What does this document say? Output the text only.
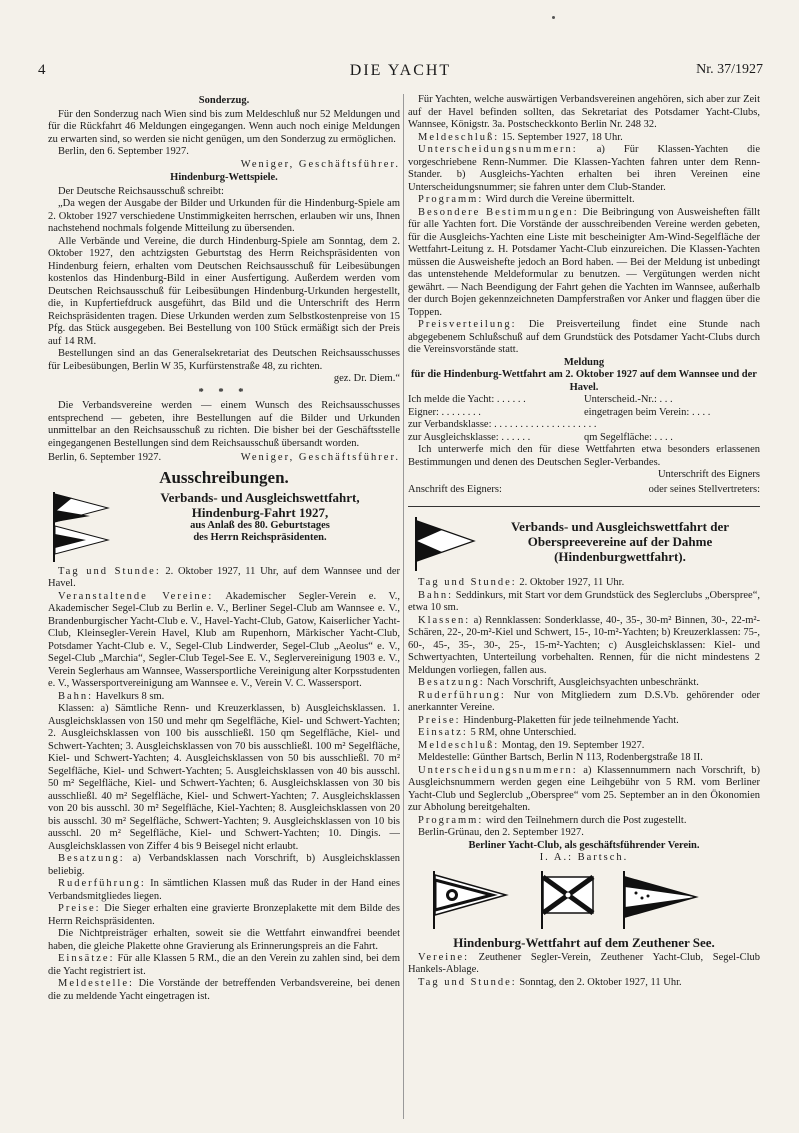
4	DIE YACHT	Nr. 37/1927
Sonderzug.

Für den Sonderzug nach Wien sind bis zum Meldeschluß nur 52 Meldungen und für die Rückfahrt 46 Meldungen eingegangen. Wenn auch noch einige Meldungen zu erwarten sind, so werden sie nicht genügen, um den Sonderzug zu ermöglichen.

Berlin, den 6. September 1927.

Weniger, Geschäftsführer.

Hindenburg-Wettspiele.

Der Deutsche Reichsausschuß schreibt:

„Da wegen der Ausgabe der Bilder und Urkunden für die Hindenburg-Spiele am 2. Oktober 1927 verschiedene Unstimmigkeiten herrschen, erlauben wir uns, Ihnen nachstehend nochmals folgende Mitteilung zu übersenden.

Alle Verbände und Vereine, die durch Hindenburg-Spiele am Sonntag, dem 2. Oktober 1927, den achtzigsten Geburtstag des Herrn Reichspräsidenten von Hindenburg feiern, erhalten vom Deutschen Reichsausschuß für Leibesübungen kostenlos das Hindenburg-Bild in einer Ausfertigung. Außerdem werden vom Deutschen Reichsausschuß für Leibesübungen Hindenburg-Urkunden hergestellt, die, in Kupfertiefdruck ausgeführt, das Bild und die Unterschrift des Herrn Reichspräsidenten tragen. Diese Urkunden werden zum Selbstkostenpreise von 15 Pfg. das Stück ausgegeben. Bei Bestellung von 100 Stück ermäßigt sich der Preis auf 14 RM.

Bestellungen sind an das Generalsekretariat des Deutschen Reichsausschusses für Leibesübungen, Berlin W 35, Kurfürstenstraße 48, zu richten.

gez. Dr. Diem.“

* * *

Die Verbandsvereine werden — einem Wunsch des Reichsausschusses entsprechend — gebeten, ihre Bestellungen auf die Bilder und Urkunden unmittelbar an den Reichsausschuß zu richten. Die bisher bei der Geschäftsstelle eingegangenen Bestellungen sind dem Reichsausschuß übersandt worden.

Berlin, 6. September 1927.	Weniger, Geschäftsführer.
Ausschreibungen.
Verbands- und Ausgleichswettfahrt,
Hindenburg-Fahrt 1927,
aus Anlaß des 80. Geburtstages
des Herrn Reichspräsidenten.

Tag und Stunde: 2. Oktober 1927, 11 Uhr, auf dem Wannsee und der Havel.

Veranstaltende Vereine: Akademischer Segler-Verein e. V., Akademischer Segel-Club zu Berlin e. V., Berliner Segel-Club am Wannsee e. V., Brandenburgischer Yacht-Club e. V., Havel-Yacht-Club, Gatow, Kaiserlicher Yacht-Club, Kleinsegler-Verein Havel, Klub am Rupenhorn, Märkischer Yacht-Club, Potsdamer Yacht-Club e. V., Segel-Club Lindwerder, Segel-Club „Aeolus“ e. V., Segel-Club „Marchia“, Segler-Club Tegel-See E. V., Seglervereinigung 1903 e. V., Verein Seglerhaus am Wannsee, Wassersportliche Vereinigung alter Korpsstudenten e. V., Wassersportvereinigung am Wannsee e. V., Verein V. C. Wassersport.

Bahn: Havelkurs 8 sm.

Klassen: a) Sämtliche Renn- und Kreuzerklassen, b) Ausgleichsklassen. 1. Ausgleichsklassen von 150 und mehr qm Segelfläche, Kiel- und Schwert-Yachten; 2. Ausgleichsklassen von 100 bis ausschließl. 150 qm Segelfläche, Kiel- und Schwert-Yachten; 3. Ausgleichsklassen von 70 bis ausschließl. 100 m² Segelfläche, Kiel- und Schwert-Yachten; 4. Ausgleichsklassen von 50 bis ausschließl. 70 m² Segelfläche, Kiel- und Schwert-Yachten; 5. Ausgleichsklassen von 40 bis ausschl. 50 m² Segelfläche, Kiel- und Schwert-Yachten; 6. Ausgleichsklassen von 30 bis ausschließl. 40 m² Segelfläche, Kiel- und Schwert-Yachten; 7. Ausgleichsklassen von 20 bis ausschl. 30 m² Segelfläche, Kiel-Yachten; 8. Ausgleichsklassen von 20 bis ausschl. 30 m² Segelfläche, Schwert-Yachten; 9. Ausgleichsklassen von 10 bis ausschl. 20 m² Segelfläche, Kiel- und Schwert-Yachten; 10. Dingis. — Ausgleichsklassen von Ziffer 4 bis 9 Beisegel nicht erlaubt.

Besatzung: a) Verbandsklassen nach Vorschrift, b) Ausgleichsklassen beliebig.

Ruderführung: In sämtlichen Klassen muß das Ruder in der Hand eines Verbandsmitgliedes liegen.

Preise: Die Sieger erhalten eine gravierte Bronzeplakette mit dem Bilde des Herrn Reichspräsidenten.

Die Nichtpreisträger erhalten, soweit sie die Wettfahrt einwandfrei beendet haben, die gleiche Plakette ohne Gravierung als Erinnerungspreis an die Fahrt.

Einsätze: Für alle Klassen 5 RM., die an den Verein zu zahlen sind, bei dem die Yacht registriert ist.

Meldestelle: Die Vorstände der betreffenden Verbandsvereine, bei denen die zu meldende Yacht eingetragen ist.

Für Yachten, welche auswärtigen Verbandsvereinen angehören, sich aber zur Zeit auf der Havel befinden sollten, das Sekretariat des Potsdamer Yacht-Clubs, Wannsee, Königstr. 3a. Postscheckkonto Berlin Nr. 248 32.

Meldeschluß: 15. September 1927, 18 Uhr.

Unterscheidungsnummern: a) Für Klassen-Yachten die vorgeschriebene Renn-Nummer. Die Klassen-Yachten fahren unter dem Renn-Stander. b) Ausgleichs-Yachten erhalten bei ihren Vereinen eine Unterscheidungsnummer; sie fahren unter dem Club-Stander.

Programm: Wird durch die Vereine übermittelt.

Besondere Bestimmungen: Die Beibringung von Ausweisheften fällt für alle Yachten fort. Die Vorstände der ausschreibenden Vereine werden gebeten, für die Ausgleichs-Yachten eine Liste mit bescheinigter Am-Wind-Segelfläche der Wettfahrt-Leitung z. H. Potsdamer Yacht-Club einzureichen. Die Klassen-Yachten müssen die Ausweishefte jedoch an Bord haben. — Bei der Meldung ist unbedingt das untenstehende Meldeformular zu benutzen. — Vergütungen werden nicht gewährt. — Nach Beendigung der Fahrt gehen die Yachten im Wannsee, außerhalb der durch Bojen gekennzeichneten Dampferstraßen vor Anker und flaggen über die Toppen.

Preisverteilung: Die Preisverteilung findet eine Stunde nach abgegebenem Schlußschuß auf dem Grundstück des Potsdamer Yacht-Clubs durch die Vereinsvorstände statt.

Meldung
für die Hindenburg-Wettfahrt am 2. Oktober 1927 auf dem Wannsee und der Havel.
Ich melde die Yacht: . . . . . .	Unterscheid.-Nr.: . . .
Eigner: . . . . . . . .	eingetragen beim Verein: . . . .
zur Verbandsklasse: . . . . . . . . . . . . . . . . . . . .
zur Ausgleichsklasse: . . . . . .	qm Segelfläche: . . . .

Ich unterwerfe mich den für diese Wettfahrten etwa besonders erlassenen Bestimmungen und denen des Deutschen Segler-Verbandes.

Unterschrift des Eigners
Anschrift des Eigners:	oder seines Stellvertreters:
Verbands- und Ausgleichswettfahrt der
Oberspreevereine auf der Dahme
(Hindenburgwettfahrt).

Tag und Stunde: 2. Oktober 1927, 11 Uhr.

Bahn: Seddinkurs, mit Start vor dem Grundstück des Seglerclubs „Oberspree“, etwa 10 sm.

Klassen: a) Rennklassen: Sonderklasse, 40-, 35-, 30-m² Binnen, 30-, 22-m²-Schären, 22-, 20-m²-Kiel und Schwert, 15-, 10-m²-Yachten; b) Kreuzerklassen: 75-, 60-, 45-, 35-, 30-, 25-, 15-m²-Yachten; c) Ausgleichsklassen: Kiel- und Schwertyachten, Unterteilung vorbehalten. Rennen, für die nicht mindestens 2 Meldungen vorliegen, fallen aus.

Besatzung: Nach Vorschrift, Ausgleichsyachten unbeschränkt.

Ruderführung: Nur von Mitgliedern zum D.S.Vb. gehörender oder anerkannter Vereine.

Preise: Hindenburg-Plaketten für jede teilnehmende Yacht.

Einsatz: 5 RM, ohne Unterschied.

Meldeschluß: Montag, den 19. September 1927.

Meldestelle: Günther Bartsch, Berlin N 113, Rodenbergstraße 18 II.

Unterscheidungsnummern: a) Klassennummern nach Vorschrift, b) Ausgleichsnummern werden gegen eine Leihgebühr von 5 RM. vom Berliner Yacht-Club und Seglerclub „Oberspree“ vom 25. September an in den Ökonomien zur Abholung bereitgehalten.

Programm: wird den Teilnehmern durch die Post zugestellt.

Berlin-Grünau, den 2. September 1927.

Berliner Yacht-Club, als geschäftsführender Verein.
I. A.: Bartsch.
Hindenburg-Wettfahrt auf dem Zeuthener See.

Vereine: Zeuthener Segler-Verein, Zeuthener Yacht-Club, Segel-Club Hankels-Ablage.

Tag und Stunde: Sonntag, den 2. Oktober 1927, 11 Uhr.
